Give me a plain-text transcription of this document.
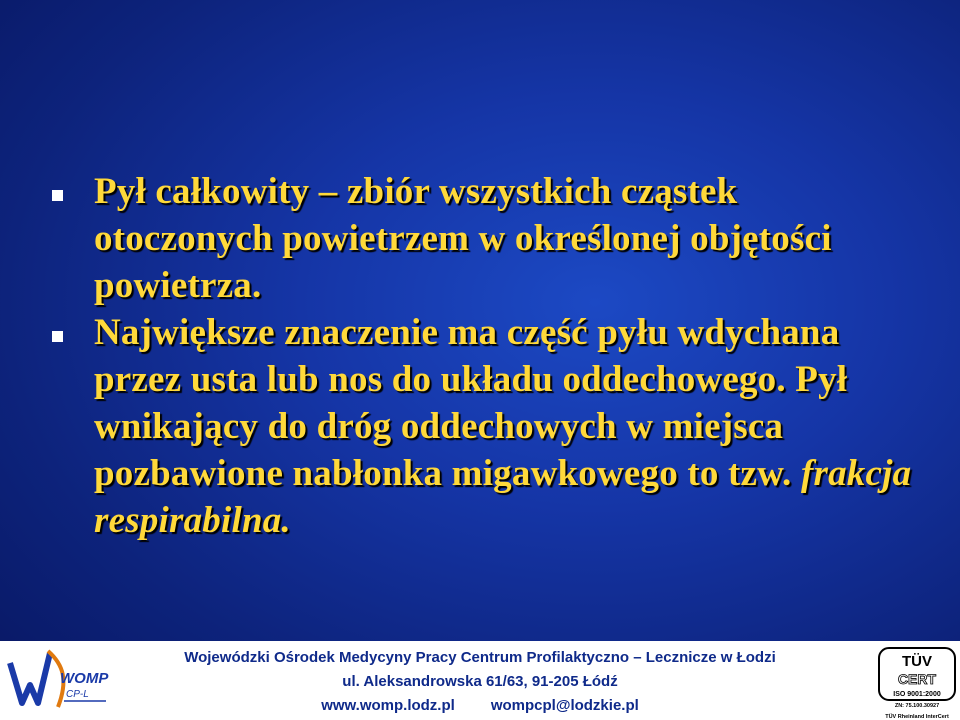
Pył całkowity – zbiór wszystkich cząstek otoczonych powietrzem w określonej objętości powietrza.
Największe znaczenie ma część pyłu wdychana przez usta lub nos do układu oddechowego. Pył wnikający do dróg oddechowych w miejsca pozbawione nabłonka migawkowego to tzw. frakcja respirabilna.
WOMP
CP-L
Wojewódzki Ośrodek Medycyny Pracy Centrum Profilaktyczno – Lecznicze w Łodzi
ul. Aleksandrowska 61/63, 91-205 Łódź
www.womp.lodz.pl wompcpl@lodzkie.pl
TÜV
CERT
ISO 9001:2000
ZN: 75.100.30927
TÜV Rheinland InterCert
